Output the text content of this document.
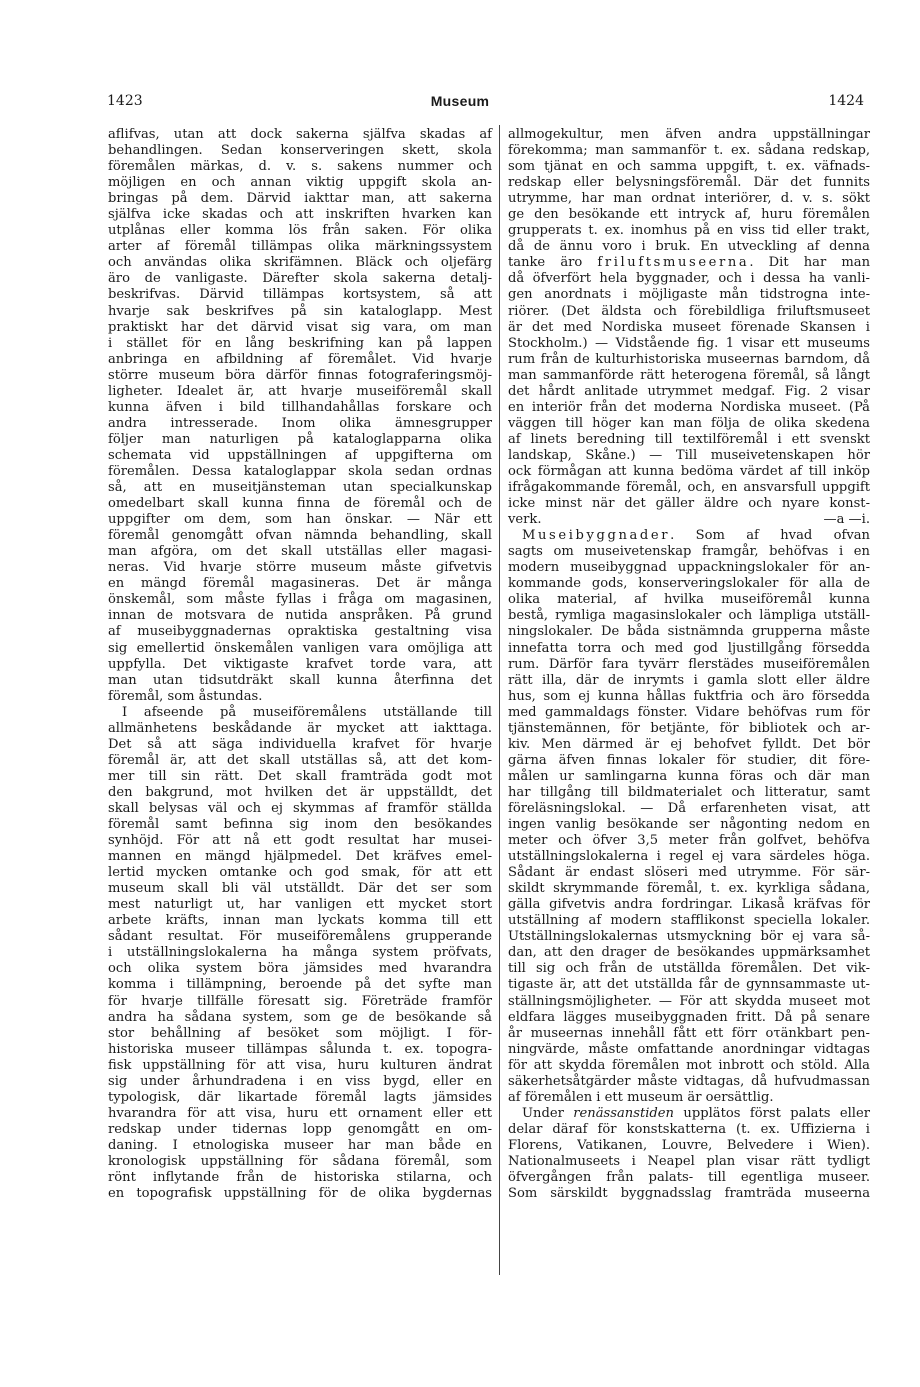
1423	Museum	1424
aflifvas, utan att dock sakerna själfva skadas af
behandlingen. Sedan konserveringen skett, skola
föremålen märkas, d. v. s. sakens nummer och
möjligen en och annan viktig uppgift skola an-
bringas på dem. Därvid iakttar man, att sakerna
själfva icke skadas och att inskriften hvarken kan
utplånas eller komma lös från saken. För olika
arter af föremål tillämpas olika märkningssystem
och användas olika skrifämnen. Bläck och oljefärg
äro de vanligaste. Därefter skola sakerna detalj-
beskrifvas. Därvid tillämpas kortsystem, så att
hvarje sak beskrifves på sin kataloglapp. Mest
praktiskt har det därvid visat sig vara, om man
i stället för en lång beskrifning kan på lappen
anbringa en afbildning af föremålet. Vid hvarje
större museum böra därför finnas fotograferingsmöj-
ligheter. Idealet är, att hvarje museiföremål skall
kunna äfven i bild tillhandahållas forskare och
andra intresserade. Inom olika ämnesgrupper
följer man naturligen på kataloglapparna olika
schemata vid uppställningen af uppgifterna om
föremålen. Dessa kataloglappar skola sedan ordnas
så, att en museitjänsteman utan specialkunskap
omedelbart skall kunna finna de föremål och de
uppgifter om dem, som han önskar. — När ett
föremål genomgått ofvan nämnda behandling, skall
man afgöra, om det skall utställas eller magasi-
neras. Vid hvarje större museum måste gifvetvis
en mängd föremål magasineras. Det är många
önskemål, som måste fyllas i fråga om magasinen,
innan de motsvara de nutida anspråken. På grund
af museibyggnadernas opraktiska gestaltning visa
sig emellertid önskemålen vanligen vara omöjliga att
uppfylla. Det viktigaste krafvet torde vara, att
man utan tidsutdräkt skall kunna återfinna det
föremål, som åstundas.
I afseende på museiföremålens utställande till
allmänhetens beskådande är mycket att iakttaga.
Det så att säga individuella krafvet för hvarje
föremål är, att det skall utställas så, att det kom-
mer till sin rätt. Det skall framträda godt mot
den bakgrund, mot hvilken det är uppställdt, det
skall belysas väl och ej skymmas af framför ställda
föremål samt befinna sig inom den besökandes
synhöjd. För att nå ett godt resultat har musei-
mannen en mängd hjälpmedel. Det kräfves emel-
lertid mycken omtanke och god smak, för att ett
museum skall bli väl utställdt. Där det ser som
mest naturligt ut, har vanligen ett mycket stort
arbete kräfts, innan man lyckats komma till ett
sådant resultat. För museiföremålens grupperande
i utställningslokalerna ha många system pröfvats,
och olika system böra jämsides med hvarandra
komma i tillämpning, beroende på det syfte man
för hvarje tillfälle föresatt sig. Företräde framför
andra ha sådana system, som ge de besökande så
stor behållning af besöket som möjligt. I för-
historiska museer tillämpas sålunda t. ex. topogra-
fisk uppställning för att visa, huru kulturen ändrat
sig under århundradena i en viss bygd, eller en
typologisk, där likartade föremål lagts jämsides
hvarandra för att visa, huru ett ornament eller ett
redskap under tidernas lopp genomgått en om-
daning. I etnologiska museer har man både en
kronologisk uppställning för sådana föremål, som
rönt inflytande från de historiska stilarna, och
en topografisk uppställning för de olika bygdernas
allmogekultur, men äfven andra uppställningar
förekomma; man sammanför t. ex. sådana redskap,
som tjänat en och samma uppgift, t. ex. väfnads-
redskap eller belysningsföremål. Där det funnits
utrymme, har man ordnat interiörer, d. v. s. sökt
ge den besökande ett intryck af, huru föremålen
grupperats t. ex. inomhus på en viss tid eller trakt,
då de ännu voro i bruk. En utveckling af denna
tanke äro friluftsmuseerna. Dit har man
då öfverfört hela byggnader, och i dessa ha vanli-
gen anordnats i möjligaste mån tidstrogna inte-
riörer. (Det äldsta och förebildliga friluftsmuseet
är det med Nordiska museet förenade Skansen i
Stockholm.) — Vidstående fig. 1 visar ett museums
rum från de kulturhistoriska museernas barndom, då
man sammanförde rätt heterogena föremål, så långt
det hårdt anlitade utrymmet medgaf. Fig. 2 visar
en interiör från det moderna Nordiska museet. (På
väggen till höger kan man följa de olika skedena
af linets beredning till textilföremål i ett svenskt
landskap, Skåne.) — Till museivetenskapen hör
ock förmågan att kunna bedöma värdet af till inköp
ifrågakommande föremål, och, en ansvarsfull uppgift
icke minst när det gäller äldre och nyare konst-
verk.	—a —i.
Museibyggnader. Som af hvad ofvan
sagts om museivetenskap framgår, behöfvas i en
modern museibyggnad uppackningslokaler för an-
kommande gods, konserveringslokaler för alla de
olika material, af hvilka museiföremål kunna
bestå, rymliga magasinslokaler och lämpliga utställ-
ningslokaler. De båda sistnämnda grupperna måste
innefatta torra och med god ljustillgång försedda
rum. Därför fara tyvärr flerstädes museiföremålen
rätt illa, där de inrymts i gamla slott eller äldre
hus, som ej kunna hållas fuktfria och äro försedda
med gammaldags fönster. Vidare behöfvas rum för
tjänstemännen, för betjänte, för bibliotek och ar-
kiv. Men därmed är ej behofvet fylldt. Det bör
gärna äfven finnas lokaler för studier, dit före-
målen ur samlingarna kunna föras och där man
har tillgång till bildmaterialet och litteratur, samt
föreläsningslokal. — Då erfarenheten visat, att
ingen vanlig besökande ser någonting nedom en
meter och öfver 3,5 meter från golfvet, behöfva
utställningslokalerna i regel ej vara särdeles höga.
Sådant är endast slöseri med utrymme. För sär-
skildt skrymmande föremål, t. ex. kyrkliga sådana,
gälla gifvetvis andra fordringar. Likaså kräfvas för
utställning af modern stafflikonst speciella lokaler.
Utställningslokalernas utsmyckning bör ej vara så-
dan, att den drager de besökandes uppmärksamhet
till sig och från de utställda föremålen. Det vik-
tigaste är, att det utställda får de gynnsammaste ut-
ställningsmöjligheter. — För att skydda museet mot
eldfara lägges museibyggnaden fritt. Då på senare
år museernas innehåll fått ett förr oτänkbart pen-
ningvärde, måste omfattande anordningar vidtagas
för att skydda föremålen mot inbrott och stöld. Alla
säkerhetsåtgärder måste vidtagas, då hufvudmassan
af föremålen i ett museum är oersättlig.
Under renässanstiden upplätos först palats eller
delar däraf för konstskatterna (t. ex. Uffizierna i
Florens, Vatikanen, Louvre, Belvedere i Wien).
Nationalmuseets i Neapel plan visar rätt tydligt
öfvergången från palats- till egentliga museer.
Som särskildt byggnadsslag framträda museerna
